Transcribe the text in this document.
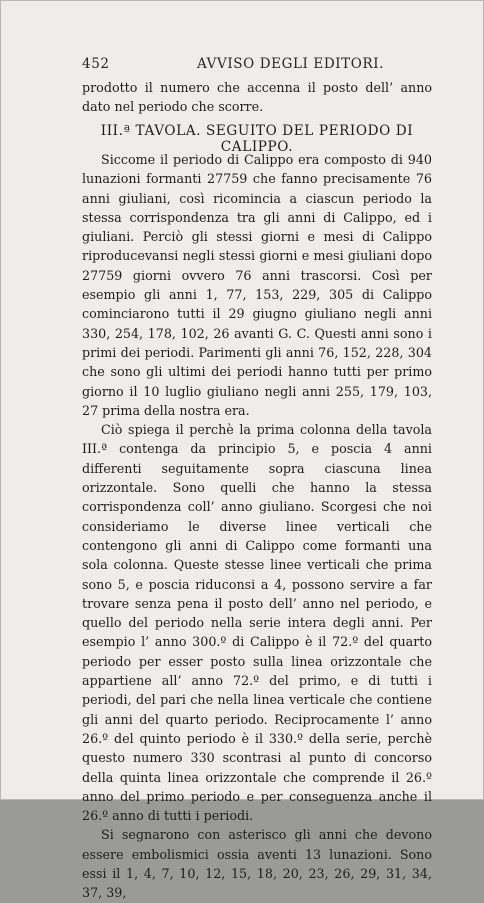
452	AVVISO DEGLI EDITORI.
prodotto il numero che accenna il posto dell’ anno dato nel periodo che scorre.
III.ª TAVOLA. SEGUITO DEL PERIODO DI CALIPPO.

Siccome il periodo di Calippo era composto di 940 lunazioni formanti 27759 che fanno precisamente 76 anni giuliani, così ricomincia a ciascun periodo la stessa corrispondenza tra gli anni di Calippo, ed i giuliani. Perciò gli stessi giorni e mesi di Calippo riproducevansi negli stessi giorni e mesi giuliani dopo 27759 giorni ovvero 76 anni trascorsi. Così per esempio gli anni 1, 77, 153, 229, 305 di Calippo cominciarono tutti il 29 giugno giuliano negli anni 330, 254, 178, 102, 26 avanti G. C. Questi anni sono i primi dei periodi. Parimenti gli anni 76, 152, 228, 304 che sono gli ultimi dei periodi hanno tutti per primo giorno il 10 luglio giuliano negli anni 255, 179, 103, 27 prima della nostra era.

Ciò spiega il perchè la prima colonna della tavola III.ª contenga da principio 5, e poscia 4 anni differenti seguitamente sopra ciascuna linea orizzontale. Sono quelli che hanno la stessa corrispondenza coll’ anno giuliano. Scorgesi che noi consideriamo le diverse linee verticali che contengono gli anni di Calippo come formanti una sola colonna. Queste stesse linee verticali che prima sono 5, e poscia riduconsi a 4, possono servire a far trovare senza pena il posto dell’ anno nel periodo, e quello del periodo nella serie intera degli anni. Per esempio l’ anno 300.º di Calippo è il 72.º del quarto periodo per esser posto sulla linea orizzontale che appartiene all’ anno 72.º del primo, e di tutti i periodi, del pari che nella linea verticale che contiene gli anni del quarto periodo. Reciprocamente l’ anno 26.º del quinto periodo è il 330.º della serie, perchè questo numero 330 scontrasi al punto di concorso della quinta linea orizzontale che comprende il 26.º anno del primo periodo e per conseguenza anche il 26.º anno di tutti i periodi.

Si segnarono con asterisco gli anni che devono essere embolismici ossia aventi 13 lunazioni. Sono essi il 1, 4, 7, 10, 12, 15, 18, 20, 23, 26, 29, 31, 34, 37, 39,
